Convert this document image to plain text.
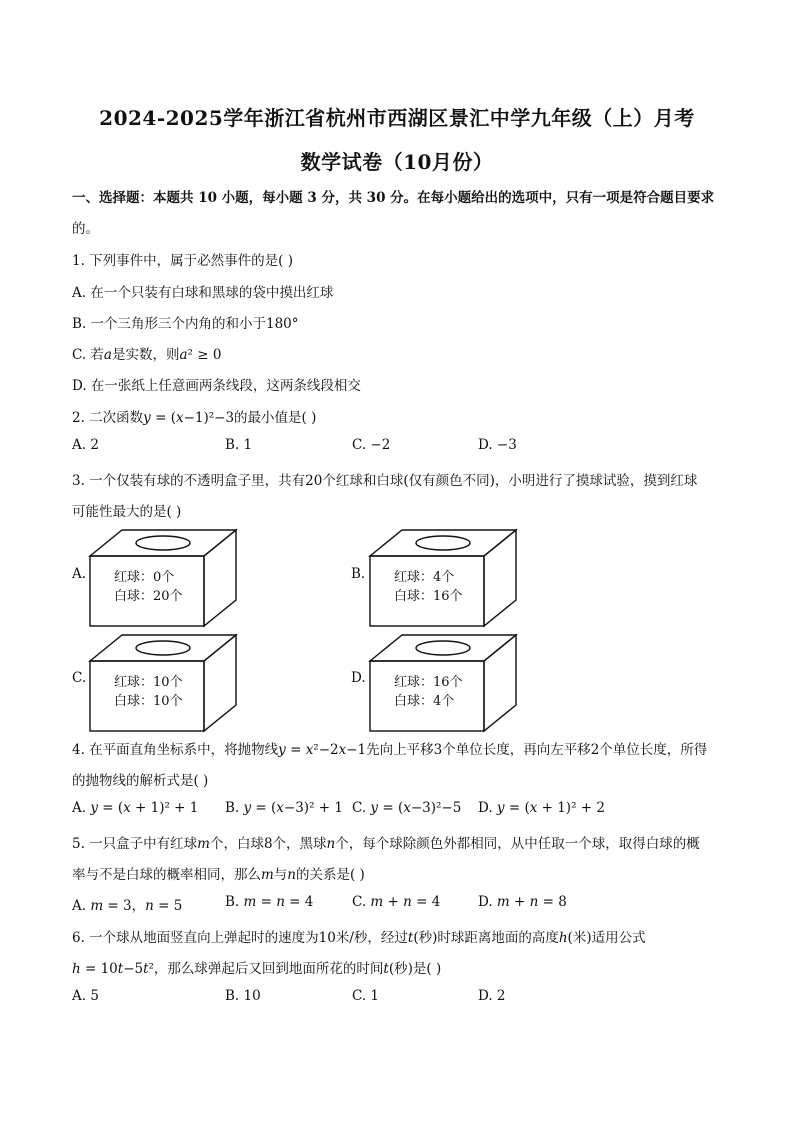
2024-2025学年浙江省杭州市西湖区景汇中学九年级（上）月考
数学试卷（10月份）
一、选择题：本题共 10 小题，每小题 3 分，共 30 分。在每小题给出的选项中，只有一项是符合题目要求
的。
1. 下列事件中，属于必然事件的是( )
A. 在一个只装有白球和黑球的袋中摸出红球
B. 一个三角形三个内角的和小于180°
C. 若𝑎是实数，则𝑎² ≥ 0
D. 在一张纸上任意画两条线段，这两条线段相交
2. 二次函数𝑦 = (𝑥−1)²−3的最小值是( )
A. 2	B. 1	C. −2	D. −3
3. 一个仅装有球的不透明盒子里，共有20个红球和白球(仅有颜色不同)，小明进行了摸球试验，摸到红球
可能性最大的是( )
A. 红球：0个
白球：20个
B. 红球：4个
白球：16个
C. 红球：10个
白球：10个
D. 红球：16个
白球：4个
4. 在平面直角坐标系中，将抛物线𝑦 = 𝑥²−2𝑥−1先向上平移3个单位长度，再向左平移2个单位长度，所得
的抛物线的解析式是( )
A. 𝑦 = (𝑥 + 1)² + 1 B. 𝑦 = (𝑥−3)² + 1 C. 𝑦 = (𝑥−3)²−5 D. 𝑦 = (𝑥 + 1)² + 2
5. 一只盒子中有红球𝑚个，白球8个，黑球𝑛个，每个球除颜色外都相同，从中任取一个球，取得白球的概
率与不是白球的概率相同，那么𝑚与𝑛的关系是( )
A. 𝑚 = 3，𝑛 = 5	B. 𝑚 = 𝑛 = 4	C. 𝑚 + 𝑛 = 4	D. 𝑚 + 𝑛 = 8
6. 一个球从地面竖直向上弹起时的速度为10米/秒，经过𝑡(秒)时球距离地面的高度ℎ(米)适用公式
ℎ = 10𝑡−5𝑡²，那么球弹起后又回到地面所花的时间𝑡(秒)是( )
A. 5	B. 10	C. 1	D. 2
